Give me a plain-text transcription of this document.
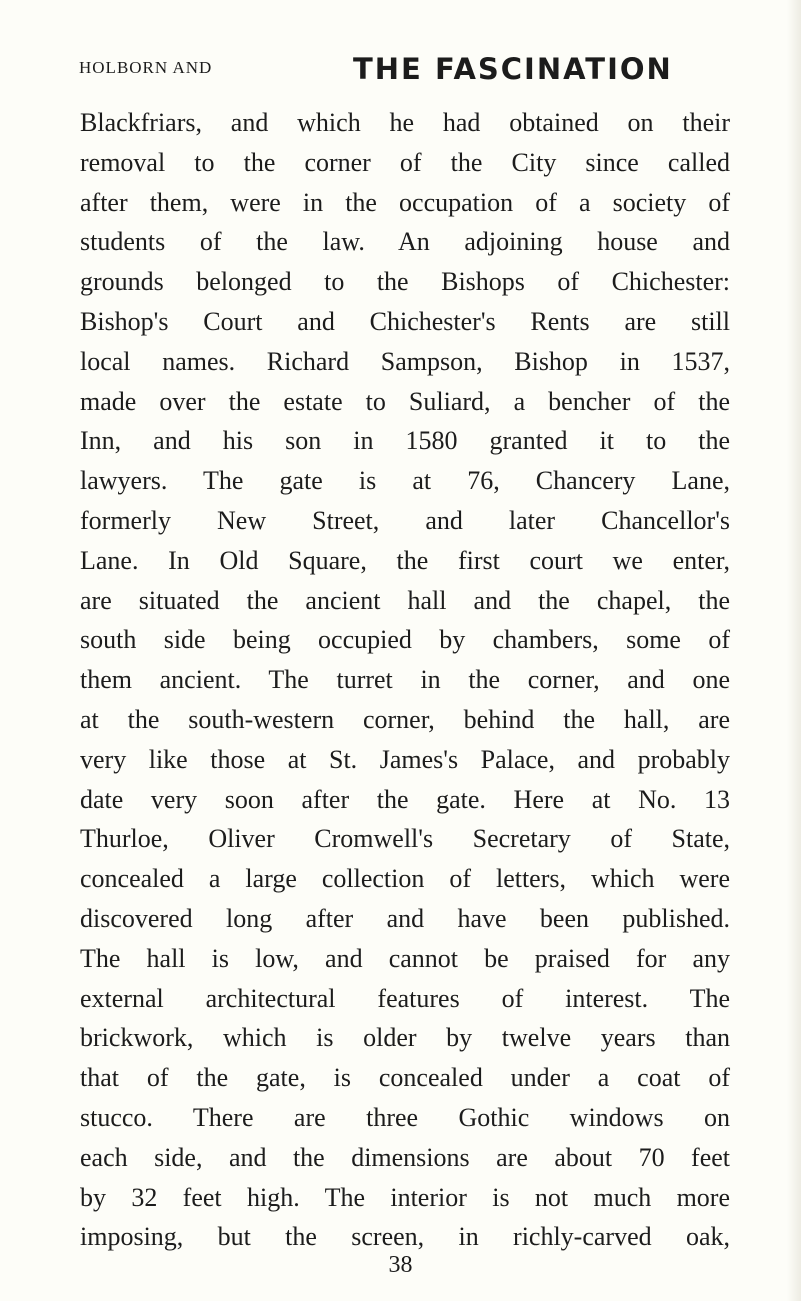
HOLBORN AND	THE FASCINATION
Blackfriars, and which he had obtained on their
removal to the corner of the City since called
after them, were in the occupation of a society of
students of the law. An adjoining house and
grounds belonged to the Bishops of Chichester:
Bishop's Court and Chichester's Rents are still
local names. Richard Sampson, Bishop in 1537,
made over the estate to Suliard, a bencher of the
Inn, and his son in 1580 granted it to the
lawyers. The gate is at 76, Chancery Lane,
formerly New Street, and later Chancellor's
Lane. In Old Square, the first court we enter,
are situated the ancient hall and the chapel, the
south side being occupied by chambers, some of
them ancient. The turret in the corner, and one
at the south-western corner, behind the hall, are
very like those at St. James's Palace, and probably
date very soon after the gate. Here at No. 13
Thurloe, Oliver Cromwell's Secretary of State,
concealed a large collection of letters, which were
discovered long after and have been published.
The hall is low, and cannot be praised for any
external architectural features of interest. The
brickwork, which is older by twelve years than
that of the gate, is concealed under a coat of
stucco. There are three Gothic windows on
each side, and the dimensions are about 70 feet
by 32 feet high. The interior is not much more
imposing, but the screen, in richly-carved oak,
38
